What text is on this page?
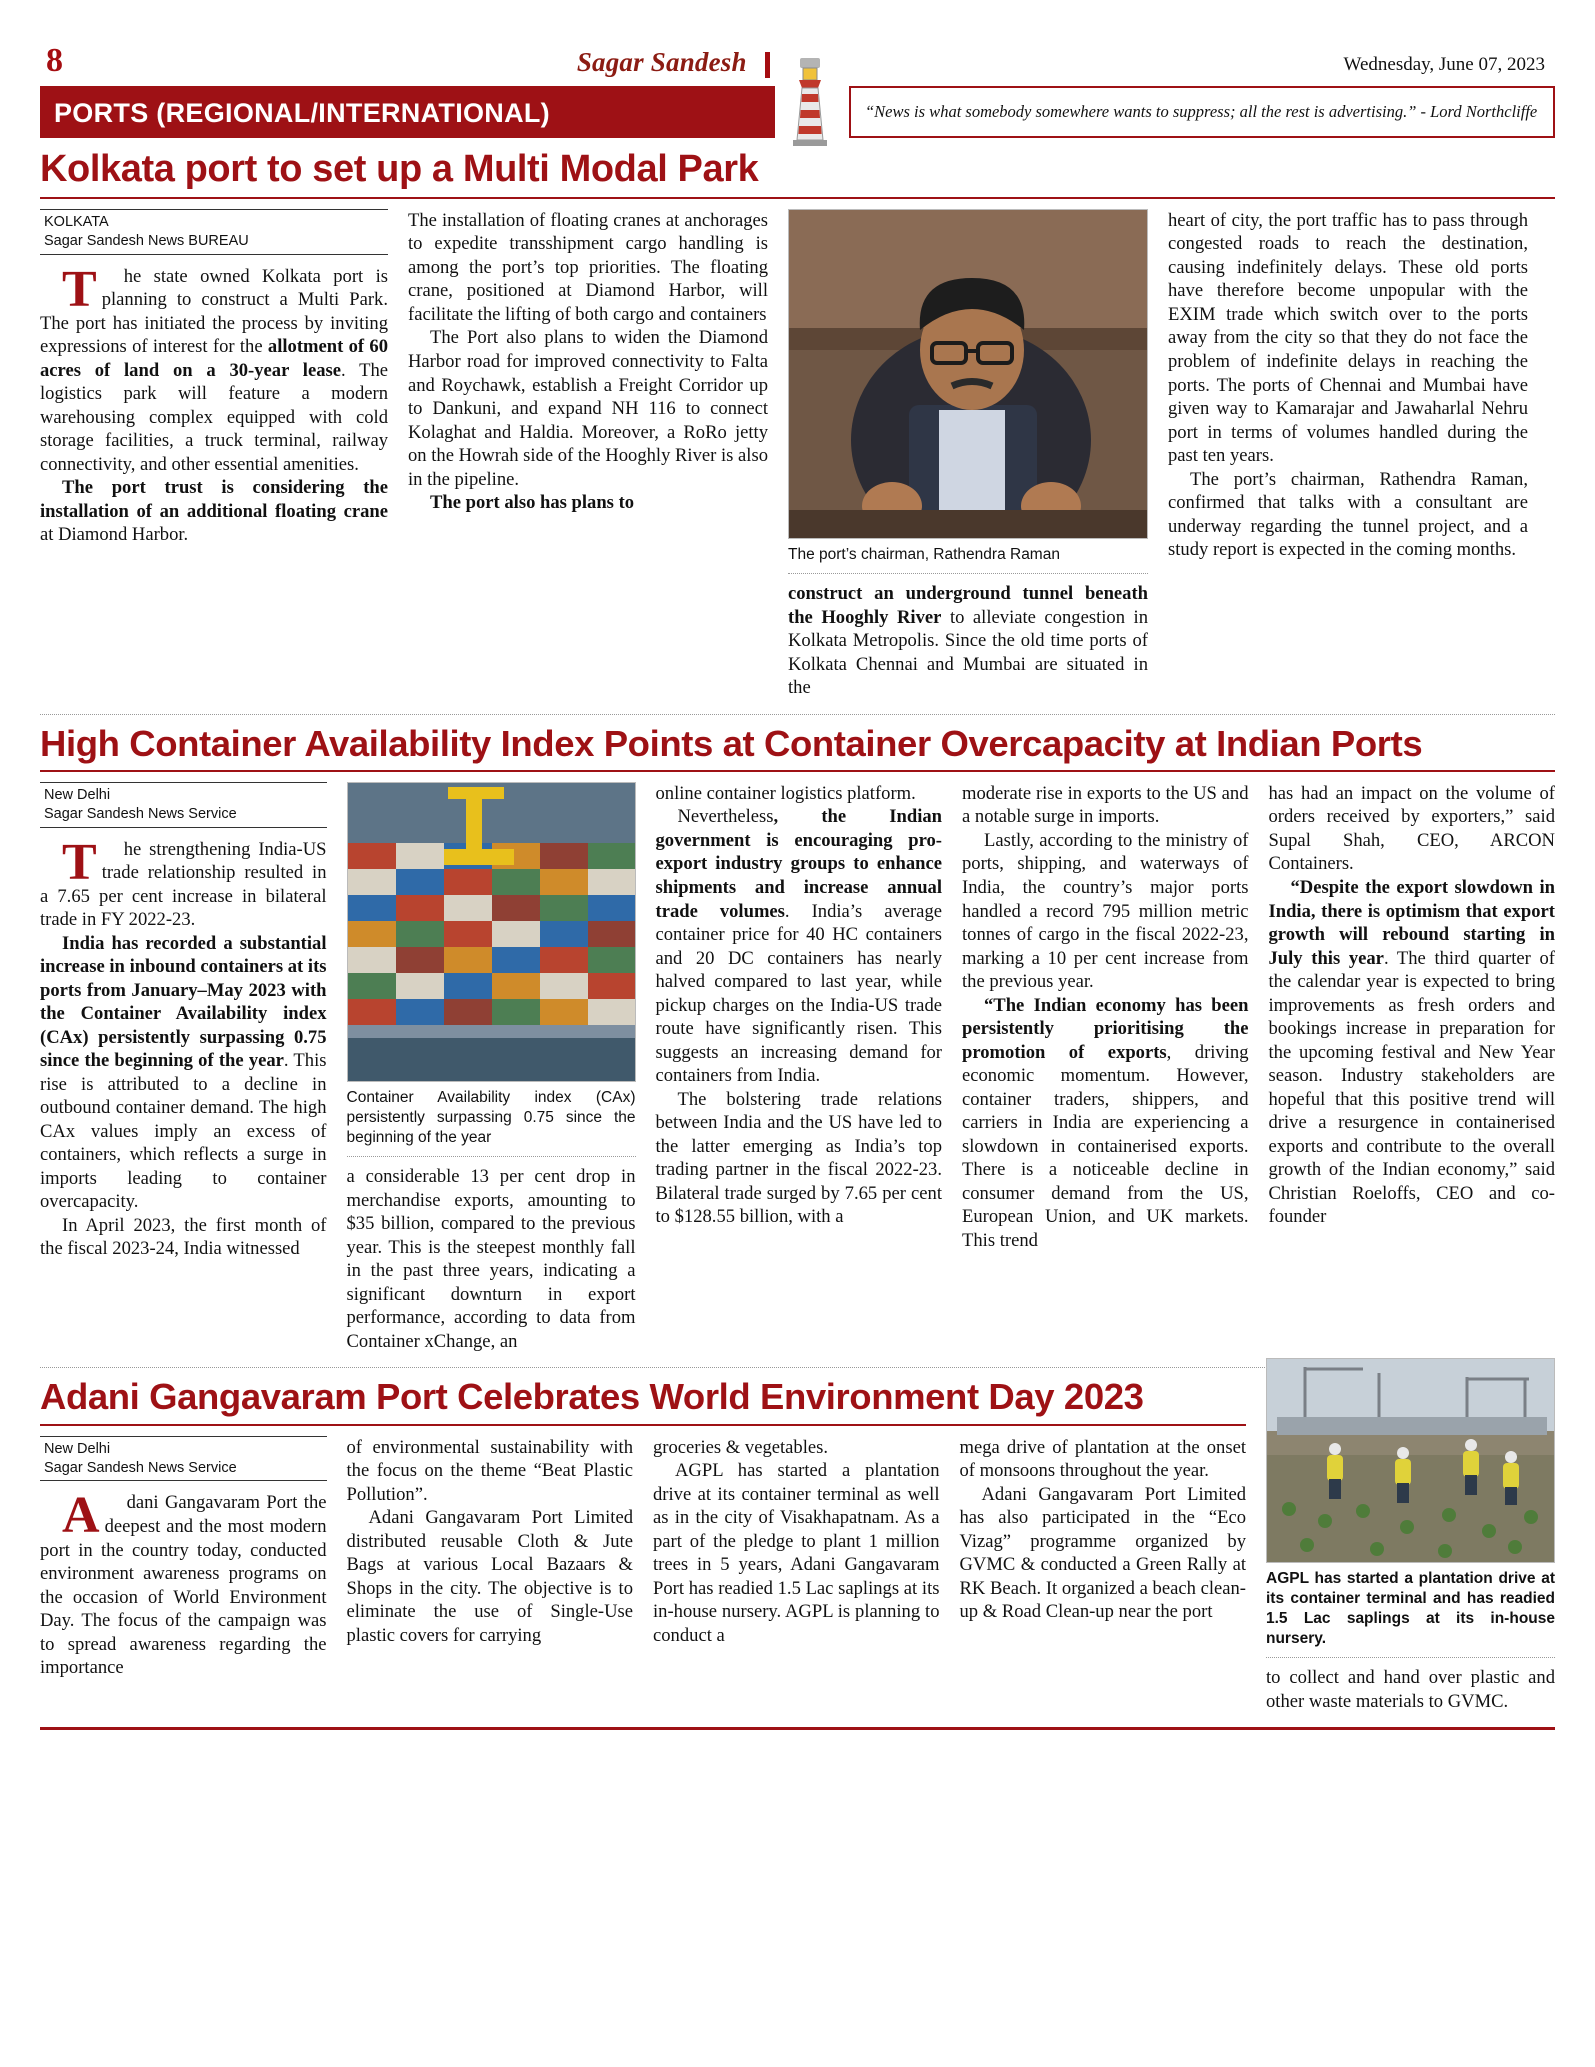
8	Sagar Sandesh	Wednesday, June 07, 2023
PORTS (REGIONAL/INTERNATIONAL)	“News is what somebody somewhere wants to suppress; all the rest is advertising.” - Lord Northcliffe
Kolkata port to set up a Multi Modal Park
KOLKATA
Sagar Sandesh News BUREAU

The state owned Kolkata port is planning to construct a Multi Park. The port has initiated the process by inviting expressions of interest for the allotment of 60 acres of land on a 30-year lease. The logistics park will feature a modern warehousing complex equipped with cold storage facilities, a truck terminal, railway connectivity, and other essential amenities.

The port trust is considering the installation of an additional floating crane at Diamond Harbor.

The installation of floating cranes at anchorages to expedite transshipment cargo handling is among the port’s top priorities. The floating crane, positioned at Diamond Harbor, will facilitate the lifting of both cargo and containers

The Port also plans to widen the Diamond Harbor road for improved connectivity to Falta and Roychawk, establish a Freight Corridor up to Dankuni, and expand NH 116 to connect Kolaghat and Haldia. Moreover, a RoRo jetty on the Howrah side of the Hooghly River is also in the pipeline.

The port also has plans to

The port’s chairman, Rathendra Raman

construct an underground tunnel beneath the Hooghly River to alleviate congestion in Kolkata Metropolis. Since the old time ports of Kolkata Chennai and Mumbai are situated in the

heart of city, the port traffic has to pass through congested roads to reach the destination, causing indefinitely delays. These old ports have therefore become unpopular with the EXIM trade which switch over to the ports away from the city so that they do not face the problem of indefinite delays in reaching the ports. The ports of Chennai and Mumbai have given way to Kamarajar and Jawaharlal Nehru port in terms of volumes handled during the past ten years.

The port’s chairman, Rathendra Raman, confirmed that talks with a consultant are underway regarding the tunnel project, and a study report is expected in the coming months.

High Container Availability Index Points at Container Overcapacity at Indian Ports
New Delhi
Sagar Sandesh News Service

The strengthening India-US trade relationship resulted in a 7.65 per cent increase in bilateral trade in FY 2022-23.

India has recorded a substantial increase in inbound containers at its ports from January–May 2023 with the Container Availability index (CAx) persistently surpassing 0.75 since the beginning of the year. This rise is attributed to a decline in outbound container demand. The high CAx values imply an excess of containers, which reflects a surge in imports leading to container overcapacity.

In April 2023, the first month of the fiscal 2023-24, India witnessed

Container Availability index (CAx) persistently surpassing 0.75 since the beginning of the year

a considerable 13 per cent drop in merchandise exports, amounting to $35 billion, compared to the previous year. This is the steepest monthly fall in the past three years, indicating a significant downturn in export performance, according to data from Container xChange, an

online container logistics platform.

Nevertheless, the Indian government is encouraging pro-export industry groups to enhance shipments and increase annual trade volumes. India’s average container price for 40 HC containers and 20 DC containers has nearly halved compared to last year, while pickup charges on the India-US trade route have significantly risen. This suggests an increasing demand for containers from India.

The bolstering trade relations between India and the US have led to the latter emerging as India’s top trading partner in the fiscal 2022-23. Bilateral trade surged by 7.65 per cent to $128.55 billion, with a

moderate rise in exports to the US and a notable surge in imports.

Lastly, according to the ministry of ports, shipping, and waterways of India, the country’s major ports handled a record 795 million metric tonnes of cargo in the fiscal 2022-23, marking a 10 per cent increase from the previous year.

“The Indian economy has been persistently prioritising the promotion of exports, driving economic momentum. However, container traders, shippers, and carriers in India are experiencing a slowdown in containerised exports. There is a noticeable decline in consumer demand from the US, European Union, and UK markets. This trend

has had an impact on the volume of orders received by exporters,” said Supal Shah, CEO, ARCON Containers.

“Despite the export slowdown in India, there is optimism that export growth will rebound starting in July this year. The third quarter of the calendar year is expected to bring improvements as fresh orders and bookings increase in preparation for the upcoming festival and New Year season. Industry stakeholders are hopeful that this positive trend will drive a resurgence in containerised exports and contribute to the overall growth of the Indian economy,” said Christian Roeloffs, CEO and co-founder

Adani Gangavaram Port Celebrates World Environment Day 2023
New Delhi
Sagar Sandesh News Service

Adani Gangavaram Port the deepest and the most modern port in the country today, conducted environment awareness programs on the occasion of World Environment Day. The focus of the campaign was to spread awareness regarding the importance

of environmental sustainability with the focus on the theme “Beat Plastic Pollution”.

Adani Gangavaram Port Limited distributed reusable Cloth & Jute Bags at various Local Bazaars & Shops in the city. The objective is to eliminate the use of Single-Use plastic covers for carrying

groceries & vegetables.

AGPL has started a plantation drive at its container terminal as well as in the city of Visakhapatnam. As a part of the pledge to plant 1 million trees in 5 years, Adani Gangavaram Port has readied 1.5 Lac saplings at its in-house nursery. AGPL is planning to conduct a

mega drive of plantation at the onset of monsoons throughout the year.

Adani Gangavaram Port Limited has also participated in the “Eco Vizag” programme organized by GVMC & conducted a Green Rally at RK Beach. It organized a beach clean-up & Road Clean-up near the port

AGPL has started a plantation drive at its container terminal and has readied 1.5 Lac saplings at its in-house nursery.

to collect and hand over plastic and other waste materials to GVMC.
